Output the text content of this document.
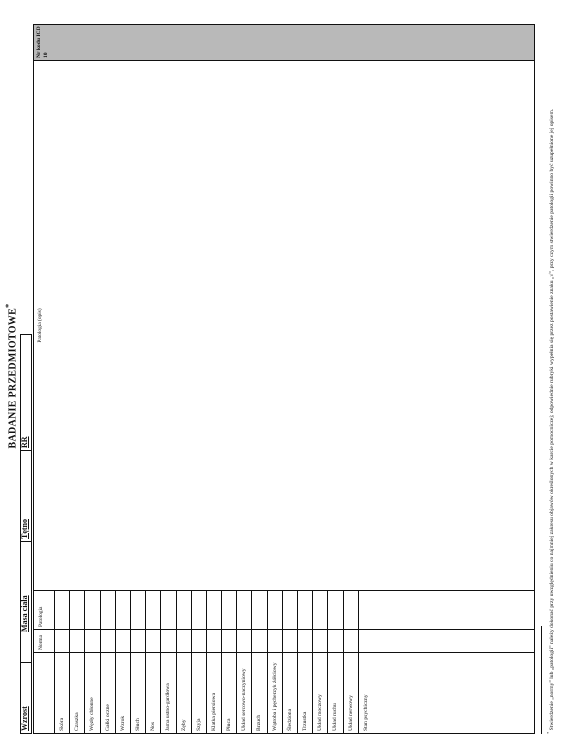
BADANIE PRZEDMIOTOWE*
Wzrost
Masa ciała
Tętno
RR
Skóra Czaszka Węzły chłonne Gałki oczne Wzrok Słuch Nos Jama ustno-gardłowa Zęby Szyja Klatka piersiowa Płuca Układ sercowo-naczyniowy Brzuch Wątroba i pęcherzyk żółciowy Śledziona Trzustka Układ moczowy Układ ruchu Układ nerwowy Stan psychiczny
Norma
Patologia
Patologia (opis)
Nr kodu ICD 10
* Stwierdzenie „normy” lub „patologii” należy dokonać przy uwzględnieniu co najmniej zakresu objawów określonych w karcie pomocniczej; odpowiednie rubryki wypełnia się przez postawienie znaku „√”, przy czym stwierdzenie patologii powinno być uzupełnione jej opisem.
